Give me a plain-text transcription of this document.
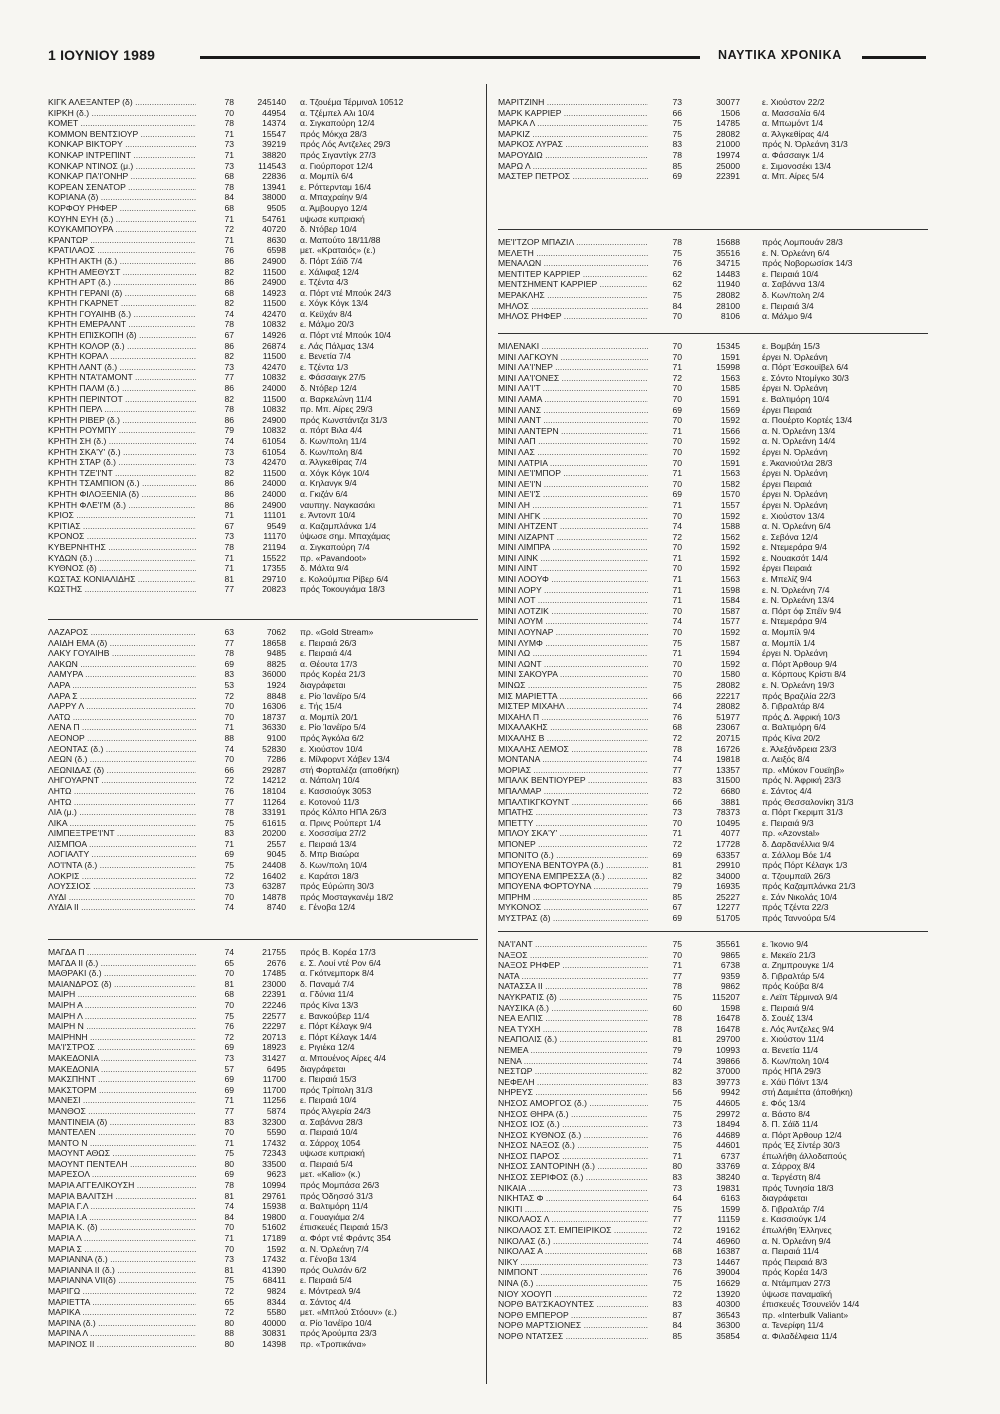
1 ΙΟΥΝΙΟΥ 1989	ΝΑΥΤΙΚΑ ΧΡΟΝΙΚΑ
ΚΙΓΚ ΑΛΕΞΑΝΤΕΡ (δ) .....	78	245140	α. Τζουέμα Τέρμιναλ 10512
ΚΙΡΚΗ (δ.) .....	70	44954	α. Τζέμπελ Αλι 10/4
ΚΟΜΕΤ .....	78	14374	α. Σιγκαπούρη 12/4
ΚΟΜΜΟΝ ΒΕΝΤΣΙΟΥΡ .....	71	15547	πρός Μόκχα 28/3
ΚΟΝΚΑΡ ΒΙΚΤΟΡΥ .....	73	39219	πρός Λός Αντζελες 29/3
ΚΟΝΚΑΡ ΙΝΤΡΕΠΙΝΤ .....	71	38820	πρός Σιγαντίγκ 27/3
ΚΟΝΚΑΡ ΝΤΙΝΟΣ (μ.) .....	73	114543	α. Γιούρποροτ 12/4
ΚΟΝΚΑΡ ΠΑ'Ι'ΟΝΗΡ .....	68	22836	α. Μομπίλ 6/4
ΚΟΡΕΑΝ ΣΕΝΑΤΟΡ .....	78	13941	ε. Ρόττερνταμ 16/4
ΚΟΡΙΑΝΑ (δ) .....	84	38000	α. Μπαχραίην 9/4
ΚΟΡΦΟΥ ΡΗΦΕΡ .....	68	9505	α. Άμβουργο 12/4
ΚΟΥΗΝ ΕΥΗ (δ.) .....	71	54761	υψωσε κυπριακή
ΚΟΥΚΑΜΠΟΥΡΑ .....	72	40720	δ. Ντόβερ 10/4
ΚΡΑΝΤΩΡ .....	71	8630	α. Μαπούτο 18/11/88
ΚΡΑΤΙΛΑΟΣ .....	76	6598	μετ. «Κραταιός» (ε.)
ΚΡΗΤΗ ΑΚΤΗ (δ.) .....	86	24900	δ. Πόρτ Σάϊδ 7/4
ΚΡΗΤΗ ΑΜΕΘΥΣΤ .....	82	11500	ε. Χάλιφαξ 12/4
ΚΡΗΤΗ ΑΡΤ (δ.) .....	86	24900	ε. Τζέντα 4/3
ΚΡΗΤΗ ΓΕΡΑΝΙ (δ) .....	68	14923	α. Πόρτ ντέ Μπούκ 24/3
ΚΡΗΤΗ ΓΚΑΡΝΕΤ .....	82	11500	ε. Χόγκ Κόγκ 13/4
ΚΡΗΤΗ ΓΟΥΑΙΗΒ (δ.) .....	74	42470	α. Κεϋχάν 8/4
ΚΡΗΤΗ ΕΜΕΡΑΛΝΤ .....	78	10832	ε. Μάλμο 20/3
ΚΡΗΤΗ ΕΠΙΣΚΟΠΗ (δ) .....	67	14926	α. Πόρτ ντέ Μπούκ 10/4
ΚΡΗΤΗ ΚΟΛΟΡ (δ.) .....	86	26874	ε. Λάς Πάλμας 13/4
ΚΡΗΤΗ ΚΟΡΑΛ .....	82	11500	ε. Βενετία 7/4
ΚΡΗΤΗ ΛΑΝΤ (δ.) .....	73	42470	ε. Τζέντα 1/3
ΚΡΗΤΗ ΝΤΑ'Ι'ΑΜΟΝΤ .....	77	10832	ε. Φάσσαιγκ 27/5
ΚΡΗΤΗ ΠΑΛΜ (δ.) .....	86	24000	δ. Ντόβερ 12/4
ΚΡΗΤΗ ΠΕΡΙΝΤΟΤ .....	82	11500	α. Βαρκελώνη 11/4
ΚΡΗΤΗ ΠΕΡΛ .....	78	10832	πρ. Μπ. Αίρες 29/3
ΚΡΗΤΗ ΡΙΒΕΡ (δ.) .....	86	24900	πρός Κωνστάντζα 31/3
ΚΡΗΤΗ ΡΟΥΜΠΥ .....	79	10832	α. πόρτ Βιλα 4/4
ΚΡΗΤΗ ΣΗ (δ.) .....	74	61054	δ. Κων/πολη 11/4
ΚΡΗΤΗ ΣΚΑ'Υ' (δ.) .....	73	61054	δ. Κων/πολη 8/4
ΚΡΗΤΗ ΣΤΑΡ (δ.) .....	73	42470	α. Άλγκεθίρας 7/4
ΚΡΗΤΗ ΤΖΕ'Ι'ΝΤ .....	82	11500	α. Χόγκ Κόγκ 10/4
ΚΡΗΤΗ ΤΣΑΜΠΙΟΝ (δ.) .....	86	24000	α. Κηλανγκ 9/4
ΚΡΗΤΗ ΦΙΛΟΞΕΝΙΑ (δ) .....	86	24000	α. Γκιζάν 6/4
ΚΡΗΤΗ ΦΛΕ'Ι'Μ (δ.) .....	86	24900	ναυπηγ. Ναγκασάκι
ΚΡΙΟΣ .....	71	11101	ε. Άντονπ 10/4
ΚΡΙΤΙΑΣ .....	67	9549	α. Καζαμπλάνκα 1/4
ΚΡΟΝΟΣ .....	73	11170	ύψωσε σημ. Μπαχάμας
ΚΥΒΕΡΝΗΤΗΣ .....	78	21194	α. Σιγκαπούρη 7/4
ΚΥΔΩΝ (δ.) .....	71	15522	πρ. «Pavandoot»
ΚΥΘΝΟΣ (δ) .....	71	17355	δ. Μάλτα 9/4
ΚΩΣΤΑΣ ΚΟΝΙΑΛΙΔΗΣ .....	81	29710	ε. Κολούμπια Ρίβερ 6/4
ΚΩΣΤΗΣ .....	77	20823	πρός Τοκουγιάμα 18/3
ΛΑΖΑΡΟΣ .....	63	7062	πρ. «Gold Stream»
ΛΑΙΔΗ ΕΜΑ (δ) .....	77	18658	ε. Πειραιά 26/3
ΛΑΚΥ ΓΟΥΑΙΗΒ .....	78	9485	ε. Πειραιά 4/4
ΛΑΚΩΝ .....	69	8825	α. Θέουτα 17/3
ΛΑΜΥΡΑ .....	83	36000	πρός Κορέα 21/3
ΛΑΡΑ .....	53	1924	διαγράφεται
ΛΑΡΑ Σ .....	72	8848	ε. Ρίο Ίανέϊρο 5/4
ΛΑΡΡΥ Λ .....	70	16306	ε. Τής 15/4
ΛΑΤΩ .....	70	18737	α. Μομπίλ 20/1
ΛΕΝΑ Π .....	71	36330	ε. Ρίο Ίανέϊρο 5/4
ΛΕΟΝΟΡ .....	88	9100	πρός Άγκόλα 6/2
ΛΕΟΝΤΑΣ (δ.) .....	74	52830	ε. Χιούστον 10/4
ΛΕΩΝ (δ.) .....	70	7286	ε. Μίλφορντ Χάβεν 13/4
ΛΕΩΝΙΔΑΣ (δ) .....	66	29287	στή Φορταλέζα (αποθήκη)
ΛΗΓΟΥΑΡΝΤ .....	72	14212	α. Νάπολη 10/4
ΛΗΤΩ .....	76	18104	ε. Κασσιούγκ 3053
ΛΗΤΩ .....	77	11264	ε. Κοτονού 11/3
ΛΙΑ (μ.) .....	78	33191	πρός Κόλπο ΗΠΑ 26/3
ΛΙΚΑ .....	75	61615	α. Πρινς Ρούπερτ 1/4
ΛΙΜΠΕΞΤΡΕ'Ι'ΝΤ .....	83	20200	ε. Χοσσσίμα 27/2
ΛΙΣΜΠΟΑ .....	71	2557	ε. Πειραιά 13/4
ΛΟΓΙΑΛΤΥ .....	69	9045	δ. Μπρ Βιαώρα
ΛΟ'Ι'ΝΤΑ (δ.) .....	75	24408	δ. Κων/πολη 10/4
ΛΟΚΡΙΣ .....	72	16402	ε. Καράτσι 18/3
ΛΟΥΣΣΙΟΣ .....	73	63287	πρός Εύρώπη 30/3
ΛΥΔΙ .....	70	14878	πρός Μοσταγκανέμ 18/2
ΛΥΔΙΑ ΙΙ .....	74	8740	ε. Γένοβα 12/4
ΜΑΓΔΑ Π .....	74	21755	πρός Β. Κορέα 17/3
ΜΑΓΔΑ ΙΙ (δ.) .....	65	2676	ε. Σ. Λουί ντέ Ρον 6/4
ΜΑΘΡΑΚΙ (δ.) .....	70	17485	α. Γκότνεμπορκ 8/4
ΜΑΙΑΝΔΡΟΣ (δ) .....	81	23000	δ. Παναμά 7/4
ΜΑΙΡΗ .....	68	22391	α. Γδύνια 11/4
ΜΑΙΡΗ Α .....	70	22246	πρός Κίνα 13/3
ΜΑΙΡΗ Λ .....	75	22577	ε. Βανκούβερ 11/4
ΜΑΙΡΗ Ν .....	76	22297	ε. Πόρτ Κέλαγκ 9/4
ΜΑΙΡΗΝΗ .....	72	20713	ε. Πόρτ Κέλαγκ 14/4
ΜΑ'Ι'ΣΤΡΟΣ .....	69	18923	ε. Ριγιέκα 12/4
ΜΑΚΕΔΟΝΙΑ .....	73	31427	α. Μπουένος Αίρες 4/4
ΜΑΚΕΔΟΝΙΑ .....	57	6495	διαγράφεται
ΜΑΚΣΠΗΝΤ .....	69	11700	ε. Πειραιά 15/3
ΜΑΚΣΤΟΡΜ .....	69	11700	πρός Τρίπολη 31/3
ΜΑΝΕΣΙ .....	71	11256	ε. Πειραιά 10/4
ΜΑΝΘΟΣ .....	77	5874	πρός Άλγερία 24/3
ΜΑΝΤΙΝΕΙΑ (δ) .....	83	32300	α. Σαβάννα 28/3
ΜΑΝΤΕΛΕΝ .....	70	5590	α. Πειραιά 10/4
ΜΑΝΤΟ Ν .....	71	17432	α. Σάρροχ 1054
ΜΑΟΥΝΤ ΑΘΩΣ .....	75	72343	υψωσε κυπριακή
ΜΑΟΥΝΤ ΠΕΝΤΕΛΗ .....	80	33500	α. Πειραιά 5/4
ΜΑΡΕΣΟΛ .....	69	9623	μετ. «Kalio» (κ.)
ΜΑΡΙΑ ΑΓΓΕΛΙΚΟΥΣΗ .....	78	10994	πρός Μομπάσα 26/3
ΜΑΡΙΑ ΒΑΛΙΤΣΗ .....	81	29761	πρός Όδησσό 31/3
ΜΑΡΙΑ Γ.Λ .....	74	15938	α. Βαλτιμόρη 11/4
ΜΑΡΙΑ Ι.Α .....	84	19800	α. Γουαγιάμα 2/4
ΜΑΡΙΑ Κ. (δ) .....	70	51602	έπισκευές Πειραιά 15/3
ΜΑΡΙΑ Λ .....	71	17189	α. Φόρτ ντέ Φράντς 354
ΜΑΡΙΑ Σ .....	70	1592	α. Ν. Όρλεάνη 7/4
ΜΑΡΙΑΝΝΑ (δ.) .....	73	17432	α. Γένοβα 13/4
ΜΑΡΙΑΝΝΑ ΙΙ (δ.) .....	81	41390	πρός Ουλσάν 6/2
ΜΑΡΙΑΝΝΑ VII(δ) .....	75	68411	ε. Πειραιά 5/4
ΜΑΡΙΓΩ .....	72	9824	ε. Μόντρεαλ 9/4
ΜΑΡΙΕΤΤΑ .....	65	8344	α. Σάντος 4/4
ΜΑΡΙΚΑ .....	72	5580	μετ. «Μπλού Στόουν» (ε.)
ΜΑΡΙΝΑ (δ.) .....	80	40000	α. Ρίο Ίανέϊρο 10/4
ΜΑΡΙΝΑ Λ .....	88	30831	πρός Άρούμπα 23/3
ΜΑΡΙΝΟΣ ΙΙ .....	80	14398	πρ. «Τροπικάνα»
ΜΑΡΙΤΖΙΝΗ .....	73	30077	ε. Χιούστον 22/2
ΜΑΡΚ ΚΑΡΡΙΕΡ .....	66	1506	α. Μασσαλία 6/4
ΜΑΡΚΑ Λ .....	75	14785	α. Μπωμόντ 1/4
ΜΑΡΚΙΖ .....	75	28082	α. Άλγκεθίρας 4/4
ΜΑΡΚΟΣ ΛΥΡΑΣ .....	83	21000	πρός Ν. Όρλεάνη 31/3
ΜΑΡΟΥΔΙΩ .....	78	19974	α. Φάσσαιγκ 1/4
ΜΑΡΩ Λ .....	85	25000	ε. Σιμονοσέκι 13/4
ΜΑΣΤΕΡ ΠΕΤΡΟΣ .....	69	22391	α. Μπ. Αίρες 5/4
ΜΕ'Ι'ΤΖΟΡ ΜΠΑΖΙΛ .....	78	15688	πρός Λομπουάν 28/3
ΜΕΛΕΤΗ .....	75	35516	ε. Ν. Όρλεάνη 6/4
ΜΕΝΑΛΩΝ .....	76	34715	πρός Νοβορωσίσκ 14/3
ΜΕΝΤΙΤΕΡ ΚΑΡΡΙΕΡ .....	62	14483	ε. Πειραιά 10/4
ΜΕΝΤΣΗΜΕΝΤ ΚΑΡΡΙΕΡ .....	62	11940	α. Σαβάννα 13/4
ΜΕΡΑΚΛΗΣ .....	75	28082	δ. Κων/πολη 2/4
ΜΗΛΟΣ .....	84	28100	ε. Πειραιά 3/4
ΜΗΛΟΣ ΡΗΦΕΡ .....	70	8106	α. Μάλμο 9/4
ΜΙΛΕΝΑΚΙ .....	70	15345	ε. Βομβάη 15/3
ΜΙΝΙ ΛΑΓΚΟΥΝ .....	70	1591	έργει Ν. Όρλεάνη
ΜΙΝΙ ΛΑ'Ι'ΝΕΡ .....	71	15998	α. Πόρτ Έσκουϊβελ 6/4
ΜΙΝΙ ΛΑ'Ι'ΟΝΕΣ .....	72	1563	ε. Σόντο Ντομίγκο 30/3
ΜΙΝΙ ΛΑ'Ι'Τ .....	70	1585	έργει Ν. Όρλεάνη
ΜΙΝΙ ΛΑΜΑ .....	70	1591	ε. Βαλτιμόρη 10/4
ΜΙΝΙ ΛΑΝΣ .....	69	1569	έργει Πειραιά
ΜΙΝΙ ΛΑΝΤ .....	70	1592	α. Πουέρτο Κορτές 13/4
ΜΙΝΙ ΛΑΝΤΕΡΝ .....	71	1566	α. Ν. Όρλεάνη 13/4
ΜΙΝΙ ΛΑΠ .....	70	1592	α. Ν. Όρλεάνη 14/4
ΜΙΝΙ ΛΑΣ .....	70	1592	έργει Ν. Όρλεάνη
ΜΙΝΙ ΛΑΤΡΙΑ .....	70	1591	ε. Άκανιούτλα 28/3
ΜΙΝΙ ΛΕ'Ι'ΜΠΟΡ .....	71	1563	έργει Ν. Όρλεάνη
ΜΙΝΙ ΛΕ'Ι'Ν .....	70	1582	έργει Πειραιά
ΜΙΝΙ ΛΕ'Ι'Σ .....	69	1570	έργει Ν. Όρλεάνη
ΜΙΝΙ ΛΗ .....	71	1557	έργει Ν. Όρλεάνη
ΜΙΝΙ ΛΗΓΚ .....	70	1592	ε. Χιούστον 13/4
ΜΙΝΙ ΛΗΤΖΕΝΤ .....	74	1588	α. Ν. Όρλεάνη 6/4
ΜΙΝΙ ΛΙΖΑΡΝΤ .....	72	1562	ε. Σεβόνα 12/4
ΜΙΝΙ ΛΙΜΠΡΑ .....	70	1592	ε. Ντεμεράρα 9/4
ΜΙΝΙ ΛΙΝΚ .....	71	1592	ε. Νουακσότ 14/4
ΜΙΝΙ ΛΙΝΤ .....	70	1592	έργει Πειραιά
ΜΙΝΙ ΛΟΟΥΦ .....	71	1563	ε. Μπελίζ 9/4
ΜΙΝΙ ΛΟΡΥ .....	71	1598	ε. Ν. Όρλεάνη 7/4
ΜΙΝΙ ΛΟΤ .....	71	1584	ε. Ν. Όρλεάνη 13/4
ΜΙΝΙ ΛΟΤΖΙΚ .....	70	1587	α. Πόρτ όφ Σπέϊν 9/4
ΜΙΝΙ ΛΟΥΜ .....	74	1577	ε. Ντεμεράρα 9/4
ΜΙΝΙ ΛΟΥΝΑΡ .....	70	1592	α. Μομπίλ 9/4
ΜΙΝΙ ΛΥΜΦ .....	75	1587	α. Μομπίλ 1/4
ΜΙΝΙ ΛΩ .....	71	1594	έργει Ν. Όρλεάνη
ΜΙΝΙ ΛΩΝΤ .....	70	1592	α. Πόρτ Άρθουρ 9/4
ΜΙΝΙ ΣΑΚΟΥΡΑ .....	70	1580	α. Κόρπους Κρίστι 8/4
ΜΙΝΩΣ .....	75	28082	ε. Ν. Όρλεάνη 19/3
ΜΙΣ ΜΑΡΙΕΤΤΑ .....	66	22217	πρός Βραζιλία 22/3
ΜΙΣΤΕΡ ΜΙΧΑΗΛ .....	74	28082	δ. Γιβραλτάρ 8/4
ΜΙΧΑΗΛ Π .....	76	51977	πρός Δ. Άφρική 10/3
ΜΙΧΑΛΑΚΗΣ .....	68	23067	α. Βαλτιμόρη 6/4
ΜΙΧΑΛΗΣ Β .....	72	20715	πρός Κίνα 20/2
ΜΙΧΑΛΗΣ ΛΕΜΟΣ .....	78	16726	ε. Άλεξάνδρεια 23/3
ΜΟΝΤΑΝΑ .....	74	19818	α. Λειξός 8/4
ΜΟΡΙΑΣ .....	77	13357	πρ. «Μύκον Γουεϊηβ»
ΜΠΑΛΚ ΒΕΝΤΙΟΥΡΕΡ .....	83	31500	πρός Ν. Άφρική 23/3
ΜΠΑΛΜΑΡ .....	72	6680	ε. Σάντος 4/4
ΜΠΑΛΤΙΚΓΚΟΥΝΤ .....	66	3881	πρός Θεσσαλονίκη 31/3
ΜΠΑΤΗΣ .....	73	78373	α. Πόρτ Γκεριμπ 31/3
ΜΠΕΤΤΥ .....	70	10495	ε. Πειραιά 9/3
ΜΠΛΟΥ ΣΚΑ'Υ' .....	71	4077	πρ. «Azovstal»
ΜΠΟΝΕΡ .....	72	17728	δ. Δαρδανέλλια 9/4
ΜΠΟΝΙΤΟ (δ.) .....	69	63357	α. Σάλλομ Βόε 1/4
ΜΠΟΥΕΝΑ ΒΕΝΤΟΥΡΑ (δ.) .....	81	29910	πρός Πόρτ Κέλαγκ 1/3
ΜΠΟΥΕΝΑ ΕΜΠΡΕΣΣΑ (δ.) .....	82	34000	α. Τζουμπαϊλ 26/3
ΜΠΟΥΕΝΑ ΦΟΡΤΟΥΝΑ .....	79	16935	πρός Καζαμπλάνκα 21/3
ΜΠΡΗΜ .....	85	25227	ε. Σάν Νικολάς 10/4
ΜΥΚΟΝΟΣ .....	67	12277	πρός Τζέντα 22/3
ΜΥΣΤΡΑΣ (δ) .....	69	51705	πρός Ταννούρα 5/4
ΝΑ'Ι'ΑΝΤ .....	75	35561	ε. Ίκονιο 9/4
ΝΑΞΟΣ .....	70	9865	ε. Μεκεϊο 21/3
ΝΑΞΟΣ ΡΗΦΕΡ .....	71	6738	α. Ζημπρουγκε 1/4
ΝΑΤΑ .....	77	9359	δ. Γιβραλτάρ 5/4
ΝΑΤΑΣΣΑ ΙΙ .....	78	9862	πρός Κούβα 8/4
ΝΑΥΚΡΑΤΙΣ (δ) .....	75	115207	ε. Λεϊπ Τέρμιναλ 9/4
ΝΑΥΣΙΚΑ (δ.) .....	60	1598	ε. Πειραιά 9/4
ΝΕΑ ΕΛΠΙΣ .....	78	16478	δ. Σουέζ 13/4
ΝΕΑ ΤΥΧΗ .....	78	16478	ε. Λός Άντζελες 9/4
ΝΕΑΠΟΛΙΣ (δ.) .....	81	29700	ε. Χιούστον 11/4
ΝΕΜΕΑ .....	79	10993	α. Βενετία 11/4
ΝΕΝΑ .....	74	39866	δ. Κων/πολη 10/4
ΝΕΣΤΩΡ .....	82	37000	πρός ΗΠΑ 29/3
ΝΕΦΕΛΗ .....	83	39773	ε. Χάϋ Πόϊντ 13/4
ΝΗΡΕΥΣ .....	56	9942	στή Δαμιέττα (άποθήκη)
ΝΗΣΟΣ ΑΜΟΡΓΟΣ (δ.) .....	75	44605	ε. Φός 13/4
ΝΗΣΟΣ ΘΗΡΑ (δ.) .....	75	29972	α. Βάστο 8/4
ΝΗΣΟΣ ΙΟΣ (δ.) .....	73	18494	δ. Π. Σάϊδ 11/4
ΝΗΣΟΣ ΚΥΘΝΟΣ (δ.) .....	76	44689	α. Πόρτ Άρθουρ 12/4
ΝΗΣΟΣ ΝΑΞΟΣ (δ.) .....	75	44601	πρός Έξ Σίντέρ 30/3
ΝΗΣΟΣ ΠΑΡΟΣ .....	71	6737	έπωλήθη άλλοδαπούς
ΝΗΣΟΣ ΣΑΝΤΟΡΙΝΗ (δ.) .....	80	33769	α. Σάρροχ 8/4
ΝΗΣΟΣ ΣΕΡΙΦΟΣ (δ.) .....	83	38240	α. Τεργέστη 8/4
ΝΙΚΑΙΑ .....	73	19831	πρός Τυνησία 18/3
ΝΙΚΗΤΑΣ Φ .....	64	6163	διαγράφεται
ΝΙΚΙΤΙ .....	75	1599	δ. Γιβραλτάρ 7/4
ΝΙΚΟΛΑΟΣ Λ .....	77	11159	ε. Κασσιούγκ 1/4
ΝΙΚΟΛΑΟΣ ΣΤ. ΕΜΠΕΙΡΙΚΟΣ .....	72	19162	έπωλήθη Έλληνες
ΝΙΚΟΛΑΣ (δ.) .....	74	46960	α. Ν. Όρλεάνη 9/4
ΝΙΚΟΛΑΣ Α .....	68	16387	α. Πειραιά 11/4
ΝΙΚΥ .....	73	14467	πρός Πειραιά 8/3
ΝΙΜΠΟΝΤ .....	76	39004	πρός Κορέα 14/3
ΝΙΝΑ (δ.) .....	75	16629	α. Ντάμπμαν 27/3
ΝΙΟΥ ΧΟΟΥΠ .....	72	13920	ύψωσε παναμαϊκή
ΝΟΡΘ ΒΑ'Ι'ΣΚΑΟΥΝΤΕΣ .....	83	40300	έπισκευές Τσουνεϊόν 14/4
ΝΟΡΘ ΕΜΠΕΡΟΡ .....	87	36543	πρ. «Interbulk Valiant»
ΝΟΡΘ ΜΑΡΤΣΙΟΝΕΣ .....	84	36300	α. Τενερίφη 11/4
ΝΟΡΘ ΝΤΑΤΣΕΣ .....	85	35854	α. Φιλαδέλφεια 11/4
